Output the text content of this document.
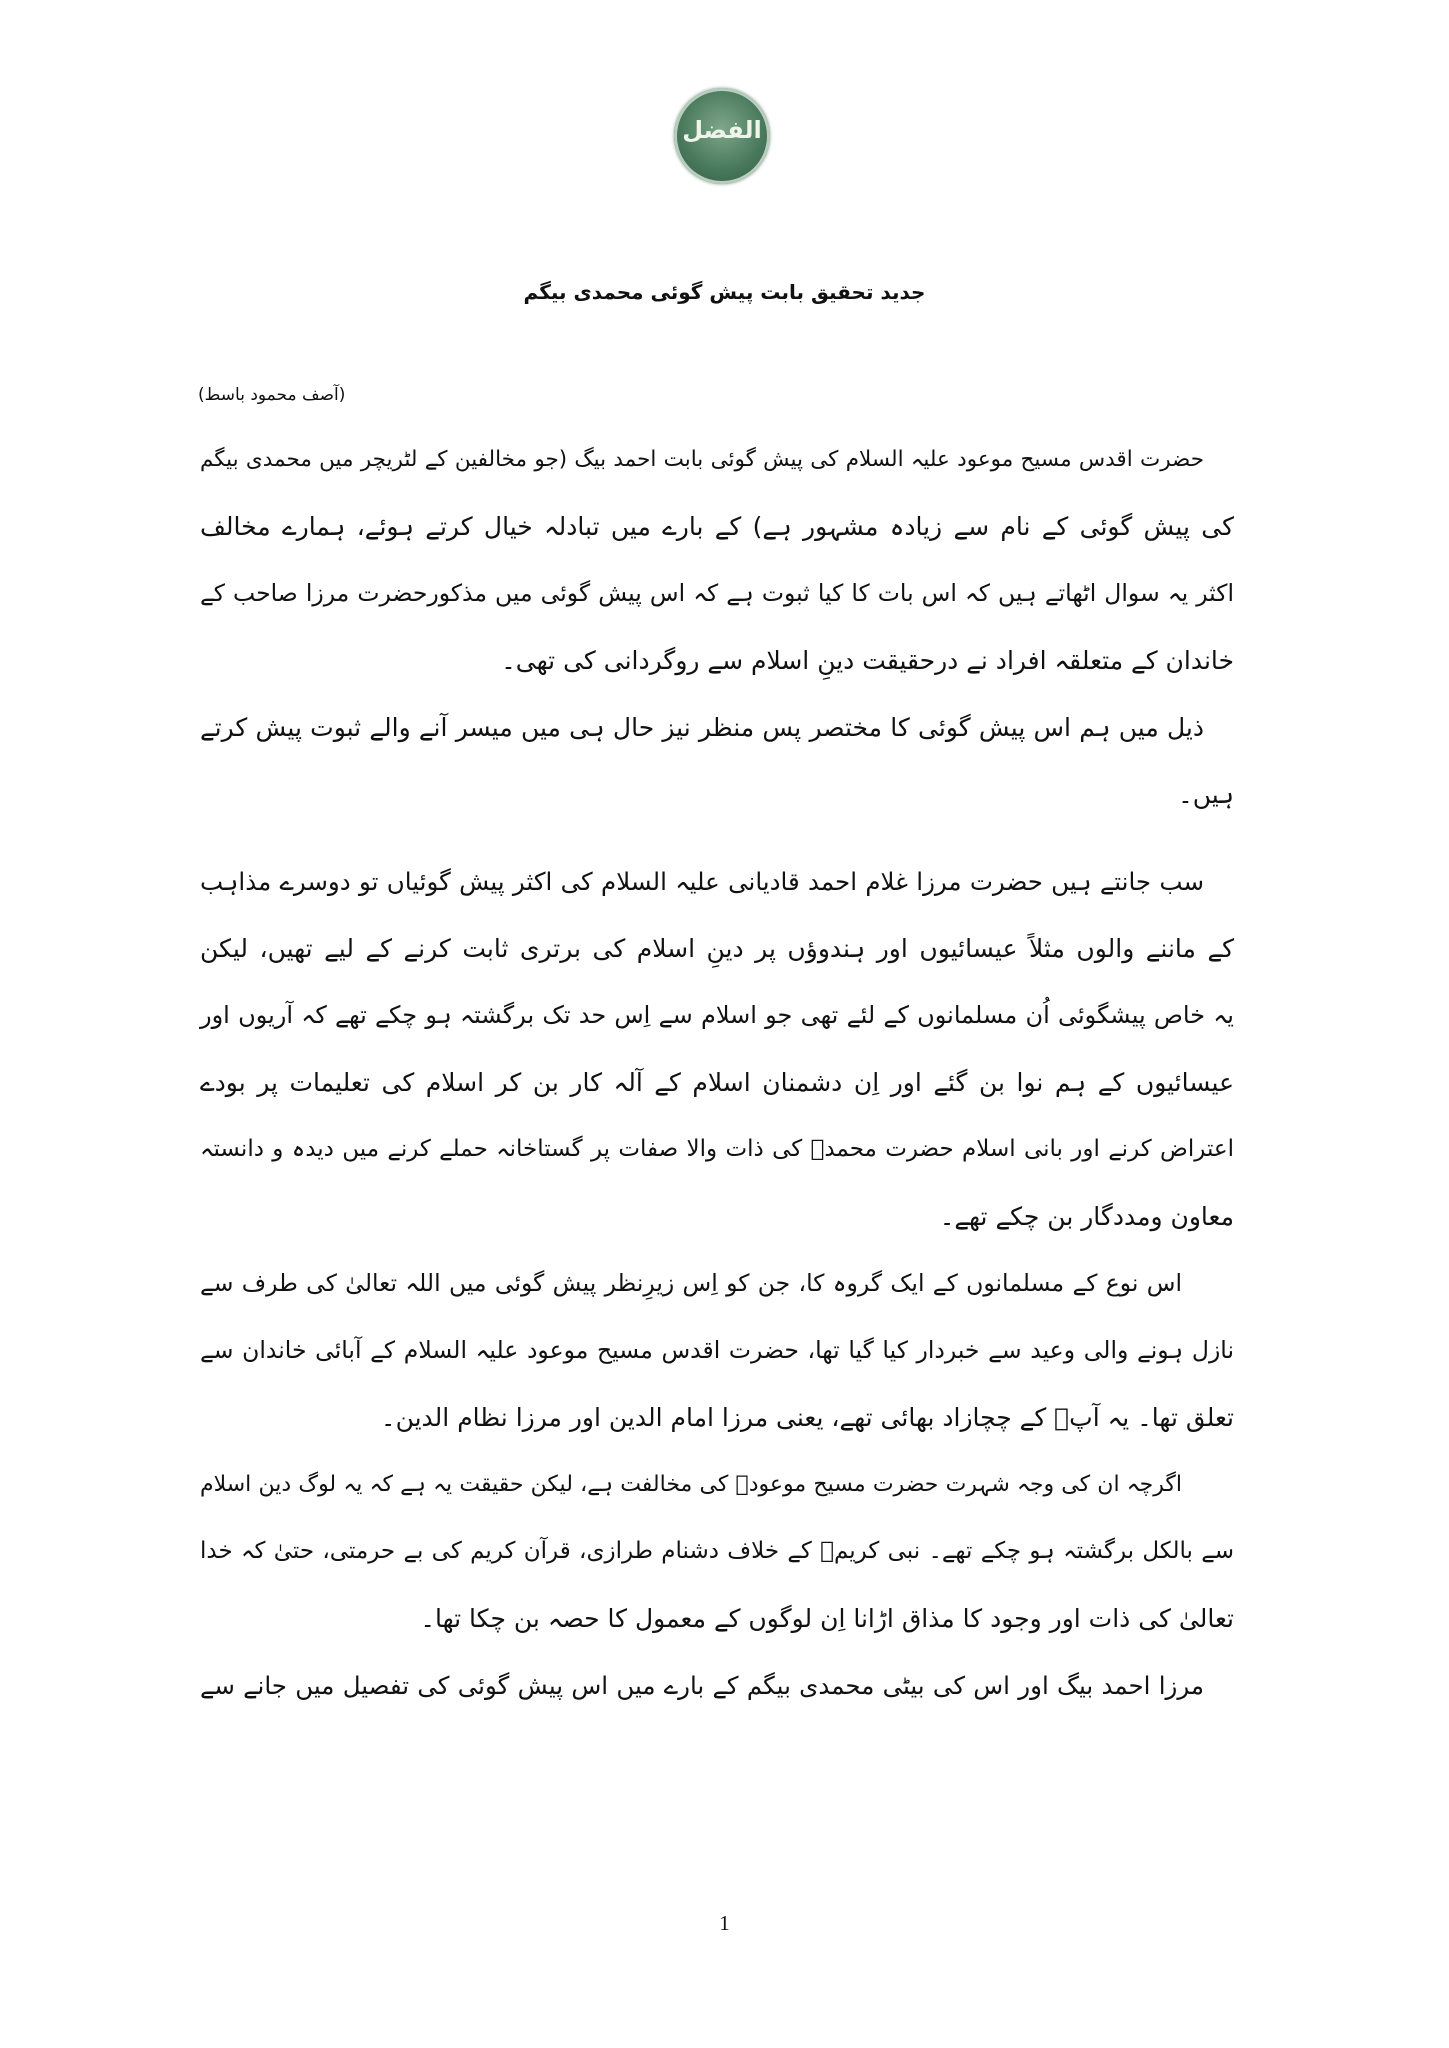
الفضل
جدید تحقیق بابت پیش گوئی محمدی بیگم
(آصف محمود باسط)
حضرت اقدس مسیح موعود علیہ السلام کی پیش گوئی بابت احمد بیگ (جو مخالفین کے لٹریچر میں محمدی بیگم
کی پیش گوئی کے نام سے زیادہ مشہور ہے) کے بارے میں تبادلہ خیال کرتے ہوئے، ہمارے مخالف
اکثر یہ سوال اٹھاتے ہیں کہ اس بات کا کیا ثبوت ہے کہ اس پیش گوئی میں مذکورحضرت مرزا صاحب کے
خاندان کے متعلقہ افراد نے درحقیقت دینِ اسلام سے روگردانی کی تھی۔
ذیل میں ہم اس پیش گوئی کا مختصر پس منظر نیز حال ہی میں میسر آنے والے ثبوت پیش کرتے
ہیں۔
سب جانتے ہیں حضرت مرزا غلام احمد قادیانی علیہ السلام کی اکثر پیش گوئیاں تو دوسرے مذاہب
کے ماننے والوں مثلاً عیسائیوں اور ہندوؤں پر دینِ اسلام کی برتری ثابت کرنے کے لیے تھیں، لیکن
یہ خاص پیشگوئی اُن مسلمانوں کے لئے تھی جو اسلام سے اِس حد تک برگشتہ ہو چکے تھے کہ آریوں اور
عیسائیوں کے ہم نوا بن گئے اور اِن دشمنان اسلام کے آلہ کار بن کر اسلام کی تعلیمات پر بودے
اعتراض کرنے اور بانی اسلام حضرت محمدؐ کی ذات والا صفات پر گستاخانہ حملے کرنے میں دیدہ و دانستہ
معاون ومددگار بن چکے تھے۔
اس نوع کے مسلمانوں کے ایک گروہ کا، جن کو اِس زیرِنظر پیش گوئی میں اللہ تعالیٰ کی طرف سے
نازل ہونے والی وعید سے خبردار کیا گیا تھا، حضرت اقدس مسیح موعود علیہ السلام کے آبائی خاندان سے
تعلق تھا۔ یہ آپؑ کے چچازاد بھائی تھے، یعنی مرزا امام الدین اور مرزا نظام الدین۔
اگرچہ ان کی وجہ شہرت حضرت مسیح موعودؑ کی مخالفت ہے، لیکن حقیقت یہ ہے کہ یہ لوگ دین اسلام
سے بالکل برگشتہ ہو چکے تھے۔ نبی کریمؐ کے خلاف دشنام طرازی، قرآن کریم کی بے حرمتی، حتیٰ کہ خدا
تعالیٰ کی ذات اور وجود کا مذاق اڑانا اِن لوگوں کے معمول کا حصہ بن چکا تھا۔
مرزا احمد بیگ اور اس کی بیٹی محمدی بیگم کے بارے میں اس پیش گوئی کی تفصیل میں جانے سے
1
